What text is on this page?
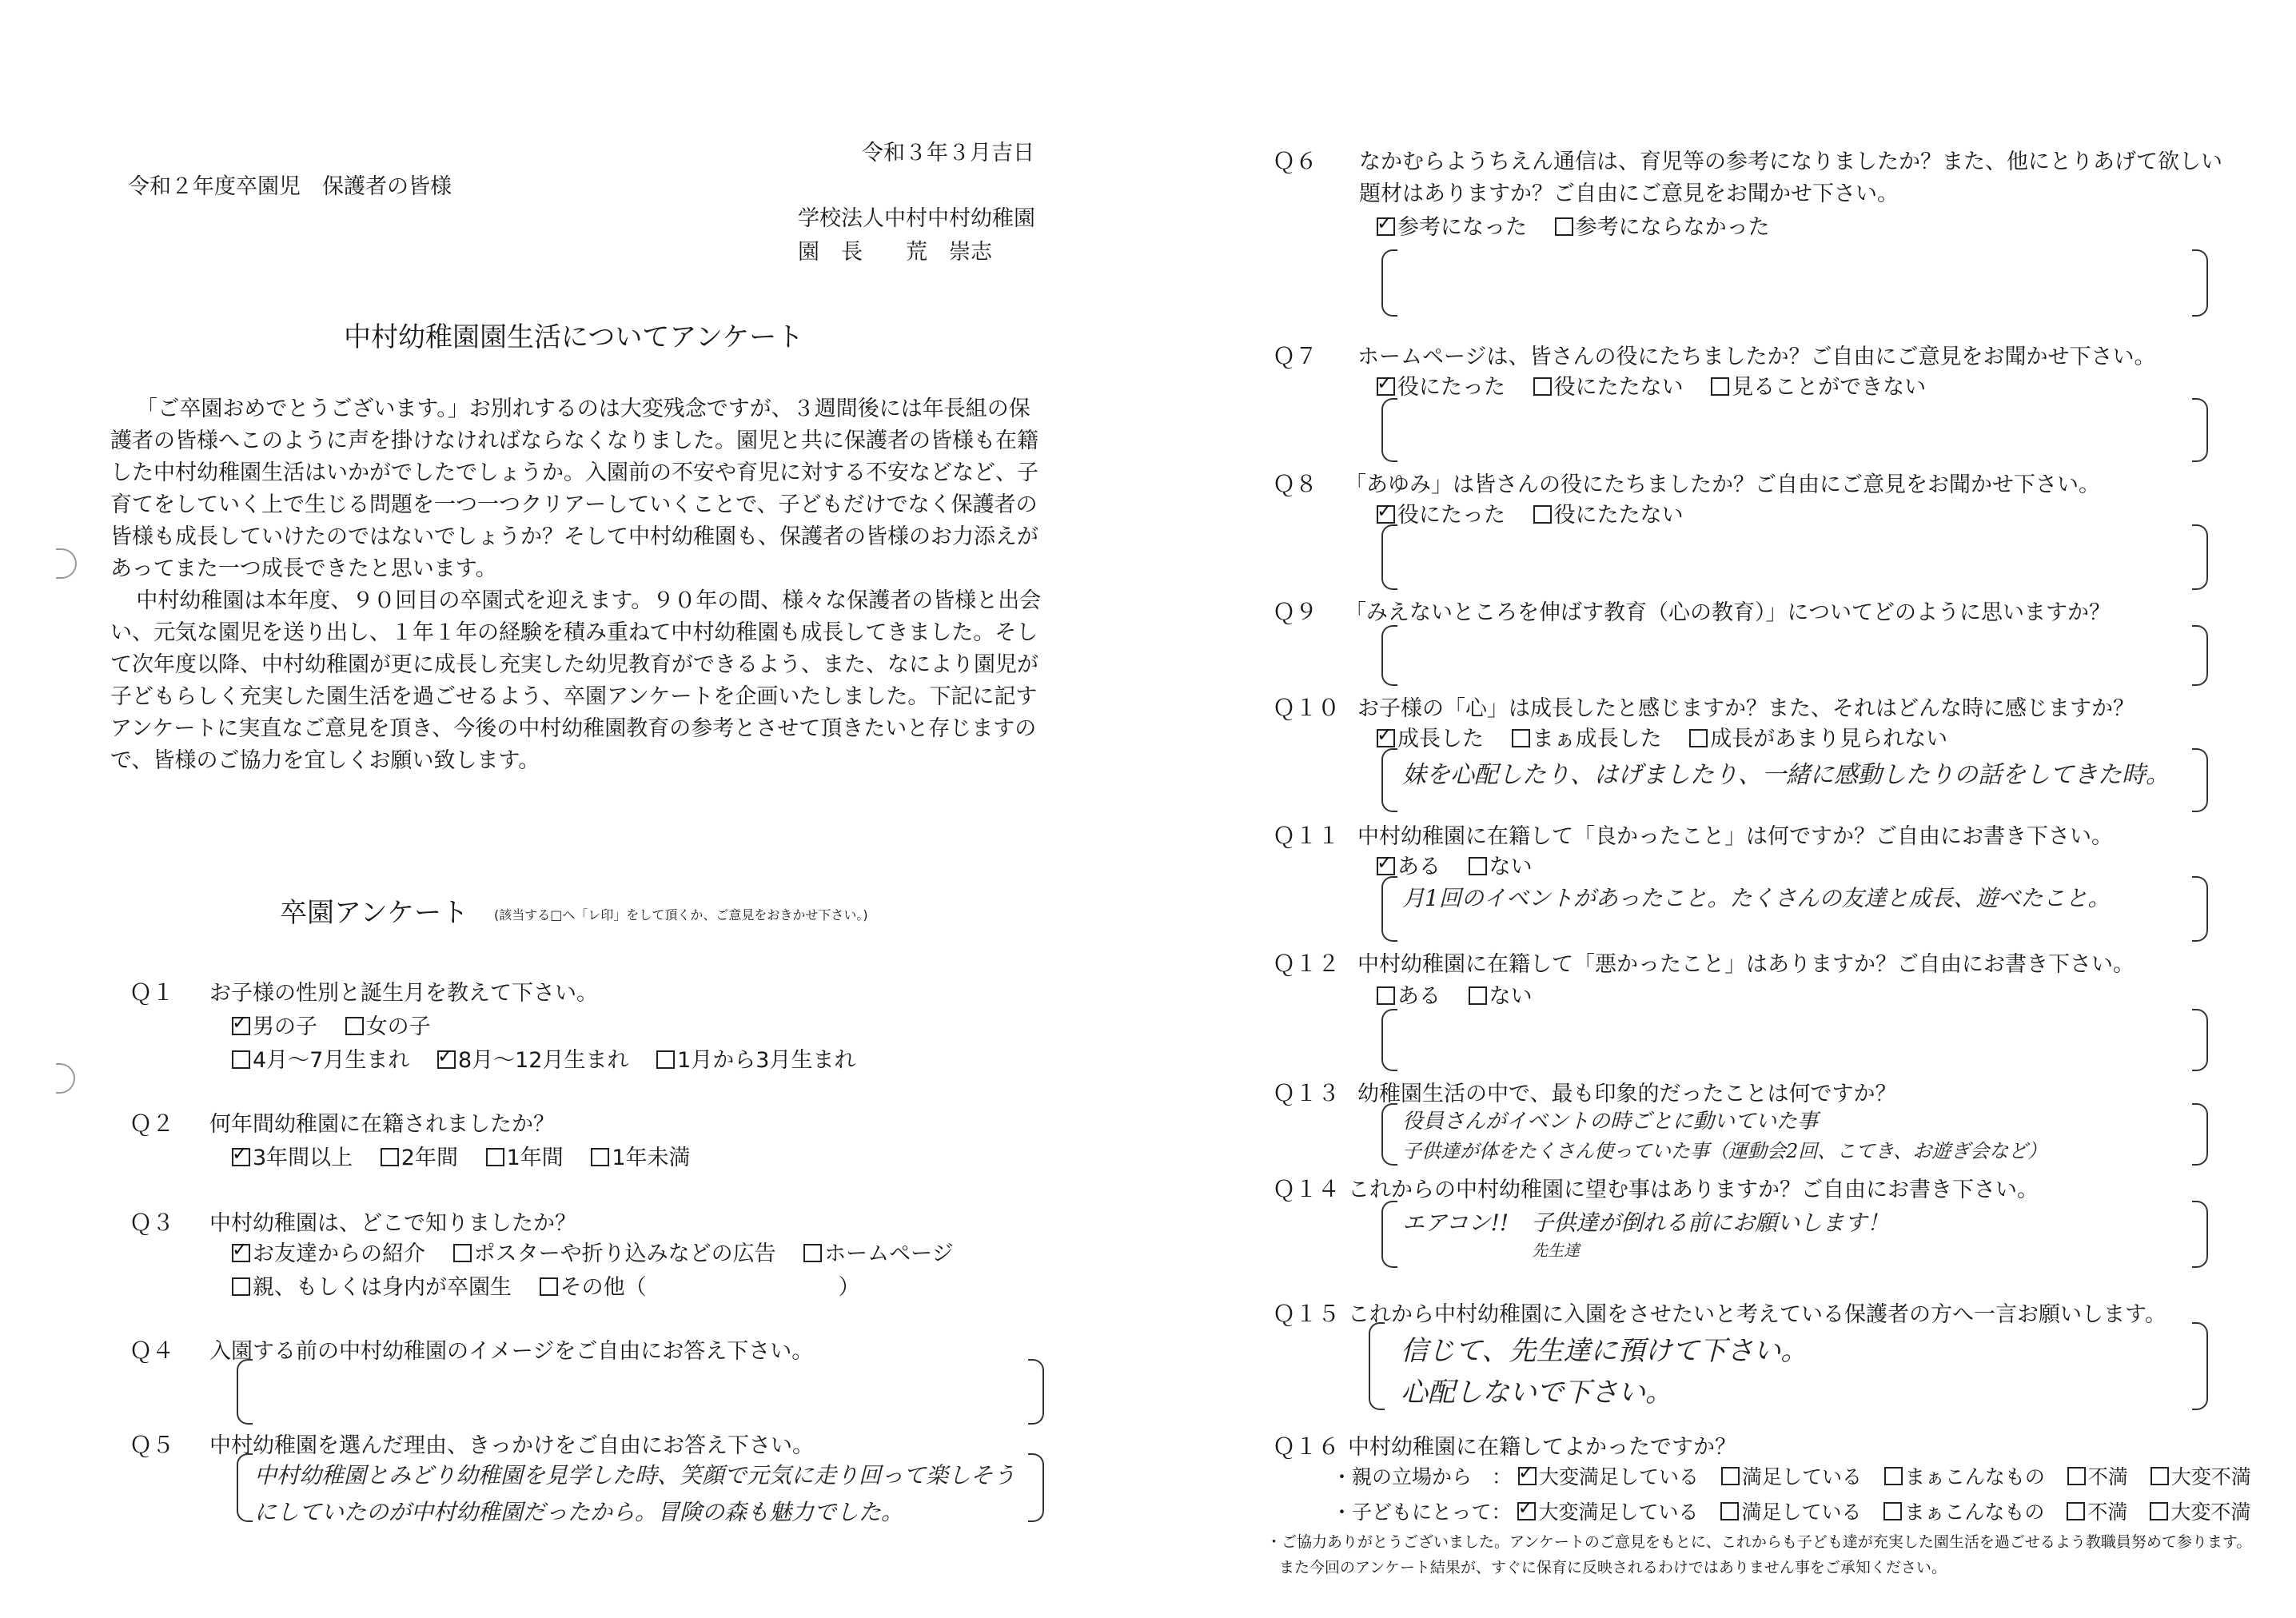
令和３年３月吉日
令和２年度卒園児　保護者の皆様
学校法人中村中村幼稚園
園　長　　荒　崇志
中村幼稚園園生活についてアンケート

「ご卒園おめでとうございます。」お別れするのは大変残念ですが、３週間後には年長組の保護者の皆様へこのように声を掛けなければならなくなりました。園児と共に保護者の皆様も在籍した中村幼稚園生活はいかがでしたでしょうか。入園前の不安や育児に対する不安などなど、子育てをしていく上で生じる問題を一つ一つクリアーしていくことで、子どもだけでなく保護者の皆様も成長していけたのではないでしょうか？そして中村幼稚園も、保護者の皆様のお力添えがあってまた一つ成長できたと思います。

中村幼稚園は本年度、９０回目の卒園式を迎えます。９０年の間、様々な保護者の皆様と出会い、元気な園児を送り出し、１年１年の経験を積み重ねて中村幼稚園も成長してきました。そして次年度以降、中村幼稚園が更に成長し充実した幼児教育ができるよう、また、なにより園児が子どもらしく充実した園生活を過ごせるよう、卒園アンケートを企画いたしました。下記に記すアンケートに実直なご意見を頂き、今後の中村幼稚園教育の参考とさせて頂きたいと存じますので、皆様のご協力を宜しくお願い致します。

卒園アンケート (該当する□へ「レ印」をして頂くか、ご意見をおきかせ下さい。)
Ｑ１ お子様の性別と誕生月を教えて下さい。
✓男の子 女の子
4月～7月生まれ ✓ 8月～12月生まれ 1月から3月生まれ
Ｑ２ 何年間幼稚園に在籍されましたか？
✓3年間以上 2年間 1年間 1年未満
Ｑ３ 中村幼稚園は、どこで知りましたか？
✓お友達からの紹介 ポスターや折り込みなどの広告 ホームページ
親、もしくは身内が卒園生 その他（	）
Ｑ４ 入園する前の中村幼稚園のイメージをご自由にお答え下さい。
Ｑ５ 中村幼稚園を選んだ理由、きっかけをご自由にお答え下さい。
中村幼稚園とみどり幼稚園を見学した時、笑顔で元気に走り回って楽しそう
にしていたのが中村幼稚園だったから。冒険の森も魅力でした。
Ｑ６ なかむらようちえん通信は、育児等の参考になりましたか？また、他にとりあげて欲しい
題材はありますか？ご自由にご意見をお聞かせ下さい。
✓参考になった 参考にならなかった
Ｑ７ ホームページは、皆さんの役にたちましたか？ご自由にご意見をお聞かせ下さい。
✓役にたった 役にたたない 見ることができない
Ｑ８ 「あゆみ」は皆さんの役にたちましたか？ご自由にご意見をお聞かせ下さい。
✓役にたった 役にたたない
Ｑ９ 「みえないところを伸ばす教育（心の教育）」についてどのように思いますか？
Ｑ１０ お子様の「心」は成長したと感じますか？また、それはどんな時に感じますか？
✓成長した まぁ成長した 成長があまり見られない
妹を心配したり、はげましたり、一緒に感動したりの話をしてきた時。
Ｑ１１ 中村幼稚園に在籍して「良かったこと」は何ですか？ご自由にお書き下さい。
✓ある ない
月1回のイベントがあったこと。たくさんの友達と成長、遊べたこと。
Ｑ１２ 中村幼稚園に在籍して「悪かったこと」はありますか？ご自由にお書き下さい。
ある ない
Ｑ１３ 幼稚園生活の中で、最も印象的だったことは何ですか？
役員さんがイベントの時ごとに動いていた事
子供達が体をたくさん使っていた事（運動会2回、こてき、お遊ぎ会など）
Ｑ１４ これからの中村幼稚園に望む事はありますか？ご自由にお書き下さい。
エアコン!!　子供達が倒れる前にお願いします！
先生達
Ｑ１５ これから中村幼稚園に入園をさせたいと考えている保護者の方へ一言お願いします。
信じて、先生達に預けて下さい。
心配しないで下さい。
Ｑ１６ 中村幼稚園に在籍してよかったですか？
・親の立場から　： ✓ 大変満足している 満足している まぁこんなもの 不満 大変不満
・子どもにとって： ✓ 大変満足している 満足している まぁこんなもの 不満 大変不満
・ご協力ありがとうございました。アンケートのご意見をもとに、これからも子ども達が充実した園生活を過ごせるよう教職員努めて参ります。
また今回のアンケート結果が、すぐに保育に反映されるわけではありません事をご承知ください。
